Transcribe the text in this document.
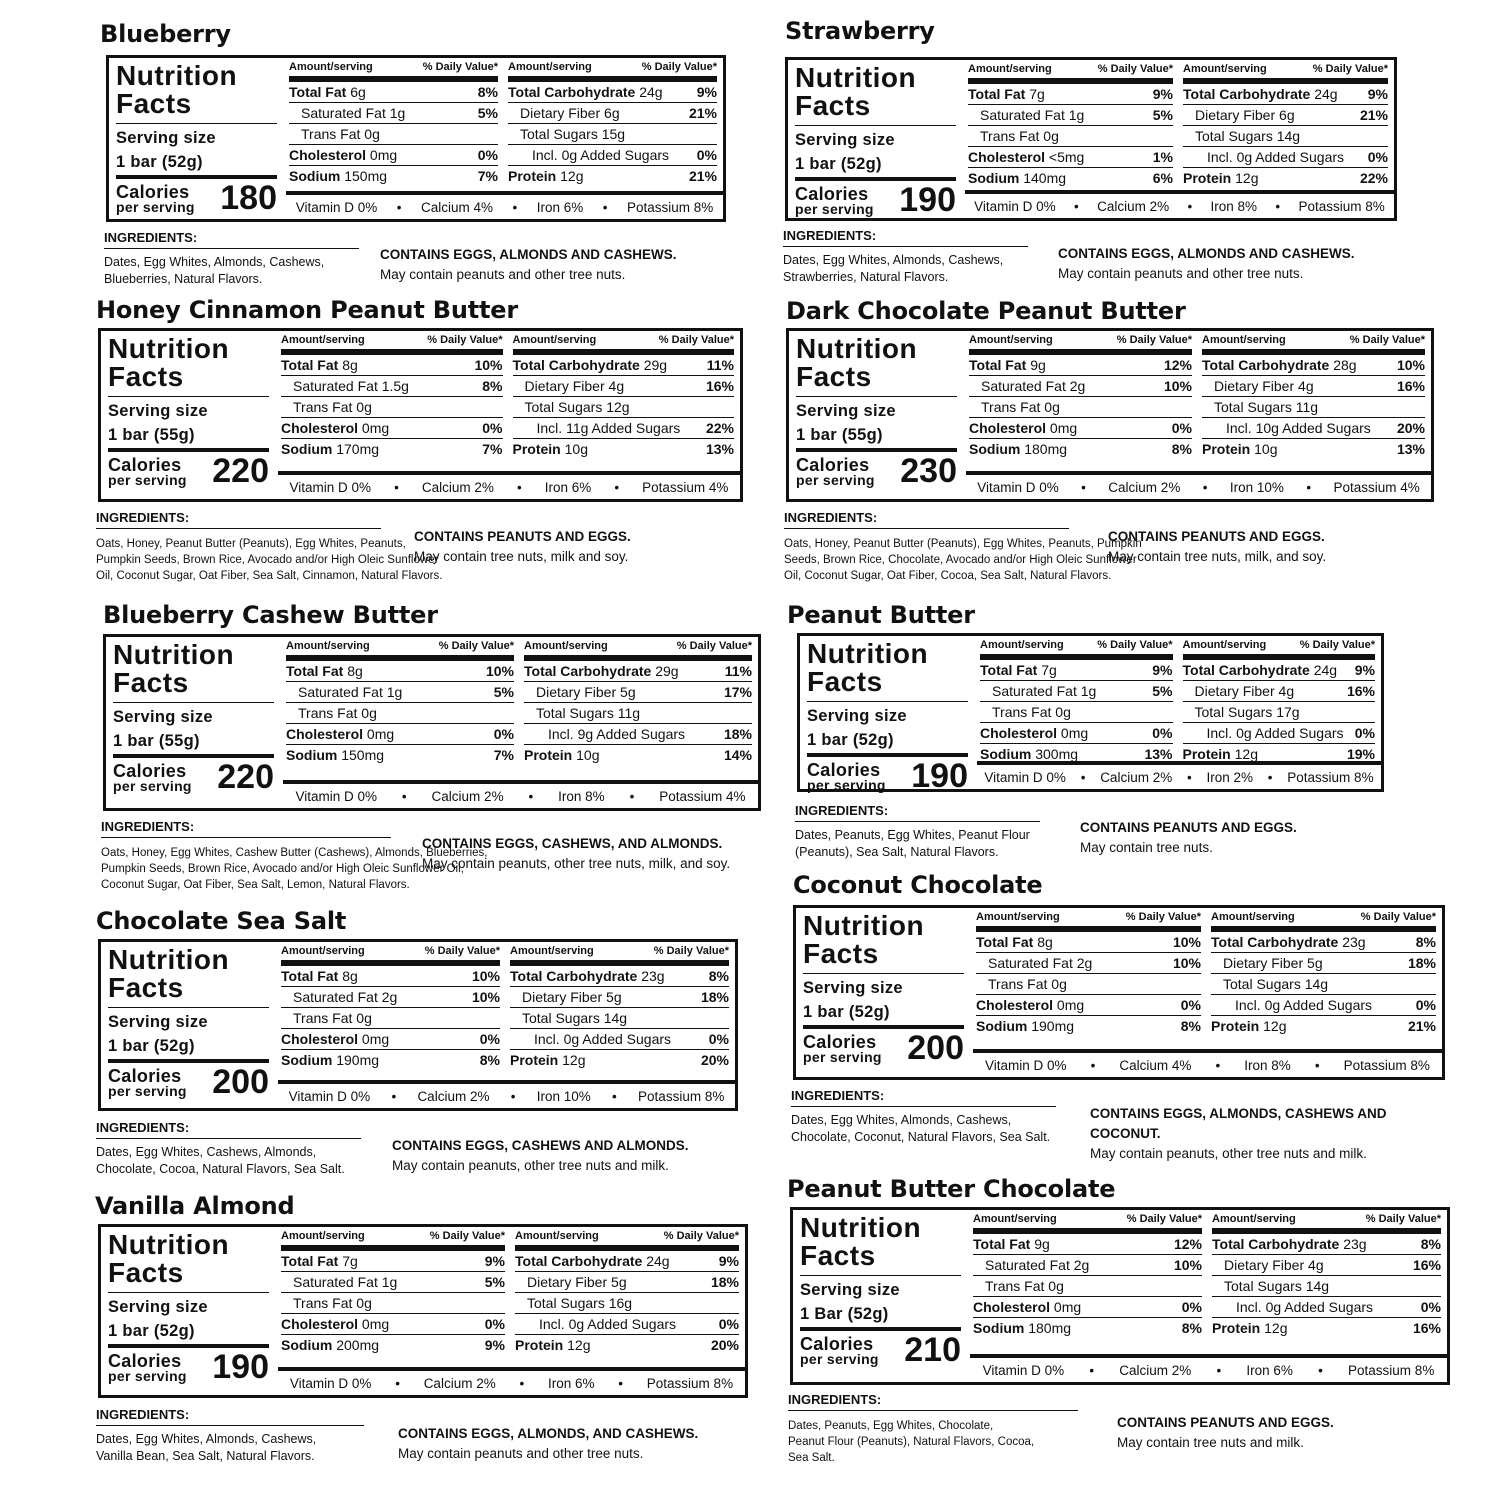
Blueberry
Nutrition
Facts
Serving size
1 bar (52g)
Calories
per serving 180
Amount/serving	% Daily Value*
Total Fat 6g	8%
Saturated Fat 1g	5%
Trans Fat 0g
Cholesterol 0mg	0%
Sodium 150mg	7%
Amount/serving	% Daily Value*
Total Carbohydrate 24g 9%
Dietary Fiber 6g	21%
Total Sugars 15g
Incl. 0g Added Sugars 0%
Protein 12g	21%
Vitamin D 0% • Calcium 4% • Iron 6% • Potassium 8%
INGREDIENTS:
Dates, Egg Whites, Almonds, Cashews,
Blueberries, Natural Flavors.
CONTAINS EGGS, ALMONDS AND CASHEWS.
May contain peanuts and other tree nuts.
Strawberry
Nutrition
Facts
Serving size
1 bar (52g)
Calories
per serving 190
Amount/serving	% Daily Value*
Total Fat 7g	9%
Saturated Fat 1g	5%
Trans Fat 0g
Cholesterol <5mg	1%
Sodium 140mg	6%
Amount/serving	% Daily Value*
Total Carbohydrate 24g 9%
Dietary Fiber 6g	21%
Total Sugars 14g
Incl. 0g Added Sugars 0%
Protein 12g	22%
Vitamin D 0% • Calcium 2% • Iron 8% • Potassium 8%
INGREDIENTS:
Dates, Egg Whites, Almonds, Cashews,
Strawberries, Natural Flavors.
CONTAINS EGGS, ALMONDS AND CASHEWS.
May contain peanuts and other tree nuts.
Honey Cinnamon Peanut Butter
Nutrition
Facts
Serving size
1 bar (55g)
Calories
per serving 220
Amount/serving	% Daily Value*
Total Fat 8g	10%
Saturated Fat 1.5g	8%
Trans Fat 0g
Cholesterol 0mg	0%
Sodium 170mg	7%
Amount/serving	% Daily Value*
Total Carbohydrate 29g	11%
Dietary Fiber 4g	16%
Total Sugars 12g
Incl. 11g Added Sugars 22%
Protein 10g	13%
Vitamin D 0% • Calcium 2% • Iron 6% • Potassium 4%
INGREDIENTS:
Oats, Honey, Peanut Butter (Peanuts), Egg Whites, Peanuts,
Pumpkin Seeds, Brown Rice, Avocado and/or High Oleic Sunflower
Oil, Coconut Sugar, Oat Fiber, Sea Salt, Cinnamon, Natural Flavors.
CONTAINS PEANUTS AND EGGS.
May contain tree nuts, milk and soy.
Dark Chocolate Peanut Butter
Nutrition
Facts
Serving size
1 bar (55g)
Calories
per serving 230
Amount/serving	% Daily Value*
Total Fat 9g	12%
Saturated Fat 2g	10%
Trans Fat 0g
Cholesterol 0mg	0%
Sodium 180mg	8%
Amount/serving	% Daily Value*
Total Carbohydrate 28g	10%
Dietary Fiber 4g	16%
Total Sugars 11g
Incl. 10g Added Sugars 20%
Protein 10g	13%
Vitamin D 0% • Calcium 2% • Iron 10% • Potassium 4%
INGREDIENTS:
Oats, Honey, Peanut Butter (Peanuts), Egg Whites, Peanuts, Pumpkin
Seeds, Brown Rice, Chocolate, Avocado and/or High Oleic Sunflower
Oil, Coconut Sugar, Oat Fiber, Cocoa, Sea Salt, Natural Flavors.
CONTAINS PEANUTS AND EGGS.
May contain tree nuts, milk, and soy.
Blueberry Cashew Butter
Nutrition
Facts
Serving size
1 bar (55g)
Calories
per serving 220
Amount/serving	% Daily Value*
Total Fat 8g	10%
Saturated Fat 1g	5%
Trans Fat 0g
Cholesterol 0mg	0%
Sodium 150mg	7%
Amount/serving	% Daily Value*
Total Carbohydrate 29g	11%
Dietary Fiber 5g	17%
Total Sugars 11g
Incl. 9g Added Sugars	18%
Protein 10g	14%
Vitamin D 0% • Calcium 2% • Iron 8% • Potassium 4%
INGREDIENTS:
Oats, Honey, Egg Whites, Cashew Butter (Cashews), Almonds, Blueberries,
Pumpkin Seeds, Brown Rice, Avocado and/or High Oleic Sunflower Oil,
Coconut Sugar, Oat Fiber, Sea Salt, Lemon, Natural Flavors.
CONTAINS EGGS, CASHEWS, AND ALMONDS.
May contain peanuts, other tree nuts, milk, and soy.
Peanut Butter
Nutrition
Facts
Serving size
1 bar (52g)
Calories
per serving 190
Amount/serving	% Daily Value*
Total Fat 7g	9%
Saturated Fat 1g	5%
Trans Fat 0g
Cholesterol 0mg	0%
Sodium 300mg	13%
Amount/serving	% Daily Value*
Total Carbohydrate 24g 9%
Dietary Fiber 4g	16%
Total Sugars 17g
Incl. 0g Added Sugars 0%
Protein 12g	19%
Vitamin D 0% • Calcium 2% • Iron 2% • Potassium 8%
INGREDIENTS:
Dates, Peanuts, Egg Whites, Peanut Flour
(Peanuts), Sea Salt, Natural Flavors.
CONTAINS PEANUTS AND EGGS.
May contain tree nuts.
Chocolate Sea Salt
Nutrition
Facts
Serving size
1 bar (52g)
Calories
per serving 200
Amount/serving	% Daily Value*
Total Fat 8g	10%
Saturated Fat 2g	10%
Trans Fat 0g
Cholesterol 0mg	0%
Sodium 190mg	8%
Amount/serving	% Daily Value*
Total Carbohydrate 23g	8%
Dietary Fiber 5g	18%
Total Sugars 14g
Incl. 0g Added Sugars	0%
Protein 12g	20%
Vitamin D 0% • Calcium 2% • Iron 10% • Potassium 8%
INGREDIENTS:
Dates, Egg Whites, Cashews, Almonds,
Chocolate, Cocoa, Natural Flavors, Sea Salt.
CONTAINS EGGS, CASHEWS AND ALMONDS.
May contain peanuts, other tree nuts and milk.
Coconut Chocolate
Nutrition
Facts
Serving size
1 bar (52g)
Calories
per serving 200
Amount/serving	% Daily Value*
Total Fat 8g	10%
Saturated Fat 2g	10%
Trans Fat 0g
Cholesterol 0mg	0%
Sodium 190mg	8%
Amount/serving	% Daily Value*
Total Carbohydrate 23g	8%
Dietary Fiber 5g	18%
Total Sugars 14g
Incl. 0g Added Sugars	0%
Protein 12g	21%
Vitamin D 0% • Calcium 4% • Iron 8% • Potassium 8%
INGREDIENTS:
Dates, Egg Whites, Almonds, Cashews,
Chocolate, Coconut, Natural Flavors, Sea Salt.
CONTAINS EGGS, ALMONDS, CASHEWS AND COCONUT.
May contain peanuts, other tree nuts and milk.
Vanilla Almond
Nutrition
Facts
Serving size
1 bar (52g)
Calories
per serving 190
Amount/serving	% Daily Value*
Total Fat 7g	9%
Saturated Fat 1g	5%
Trans Fat 0g
Cholesterol 0mg	0%
Sodium 200mg	9%
Amount/serving	% Daily Value*
Total Carbohydrate 24g	9%
Dietary Fiber 5g	18%
Total Sugars 16g
Incl. 0g Added Sugars	0%
Protein 12g	20%
Vitamin D 0% • Calcium 2% • Iron 6% • Potassium 8%
INGREDIENTS:
Dates, Egg Whites, Almonds, Cashews,
Vanilla Bean, Sea Salt, Natural Flavors.
CONTAINS EGGS, ALMONDS, AND CASHEWS.
May contain peanuts and other tree nuts.
Peanut Butter Chocolate
Nutrition
Facts
Serving size
1 Bar (52g)
Calories
per serving 210
Amount/serving	% Daily Value*
Total Fat 9g	12%
Saturated Fat 2g	10%
Trans Fat 0g
Cholesterol 0mg	0%
Sodium 180mg	8%
Amount/serving	% Daily Value*
Total Carbohydrate 23g	8%
Dietary Fiber 4g	16%
Total Sugars 14g
Incl. 0g Added Sugars	0%
Protein 12g	16%
Vitamin D 0% • Calcium 2% • Iron 6% • Potassium 8%
INGREDIENTS:
Dates, Peanuts, Egg Whites, Chocolate,
Peanut Flour (Peanuts), Natural Flavors, Cocoa,
Sea Salt.
CONTAINS PEANUTS AND EGGS.
May contain tree nuts and milk.
